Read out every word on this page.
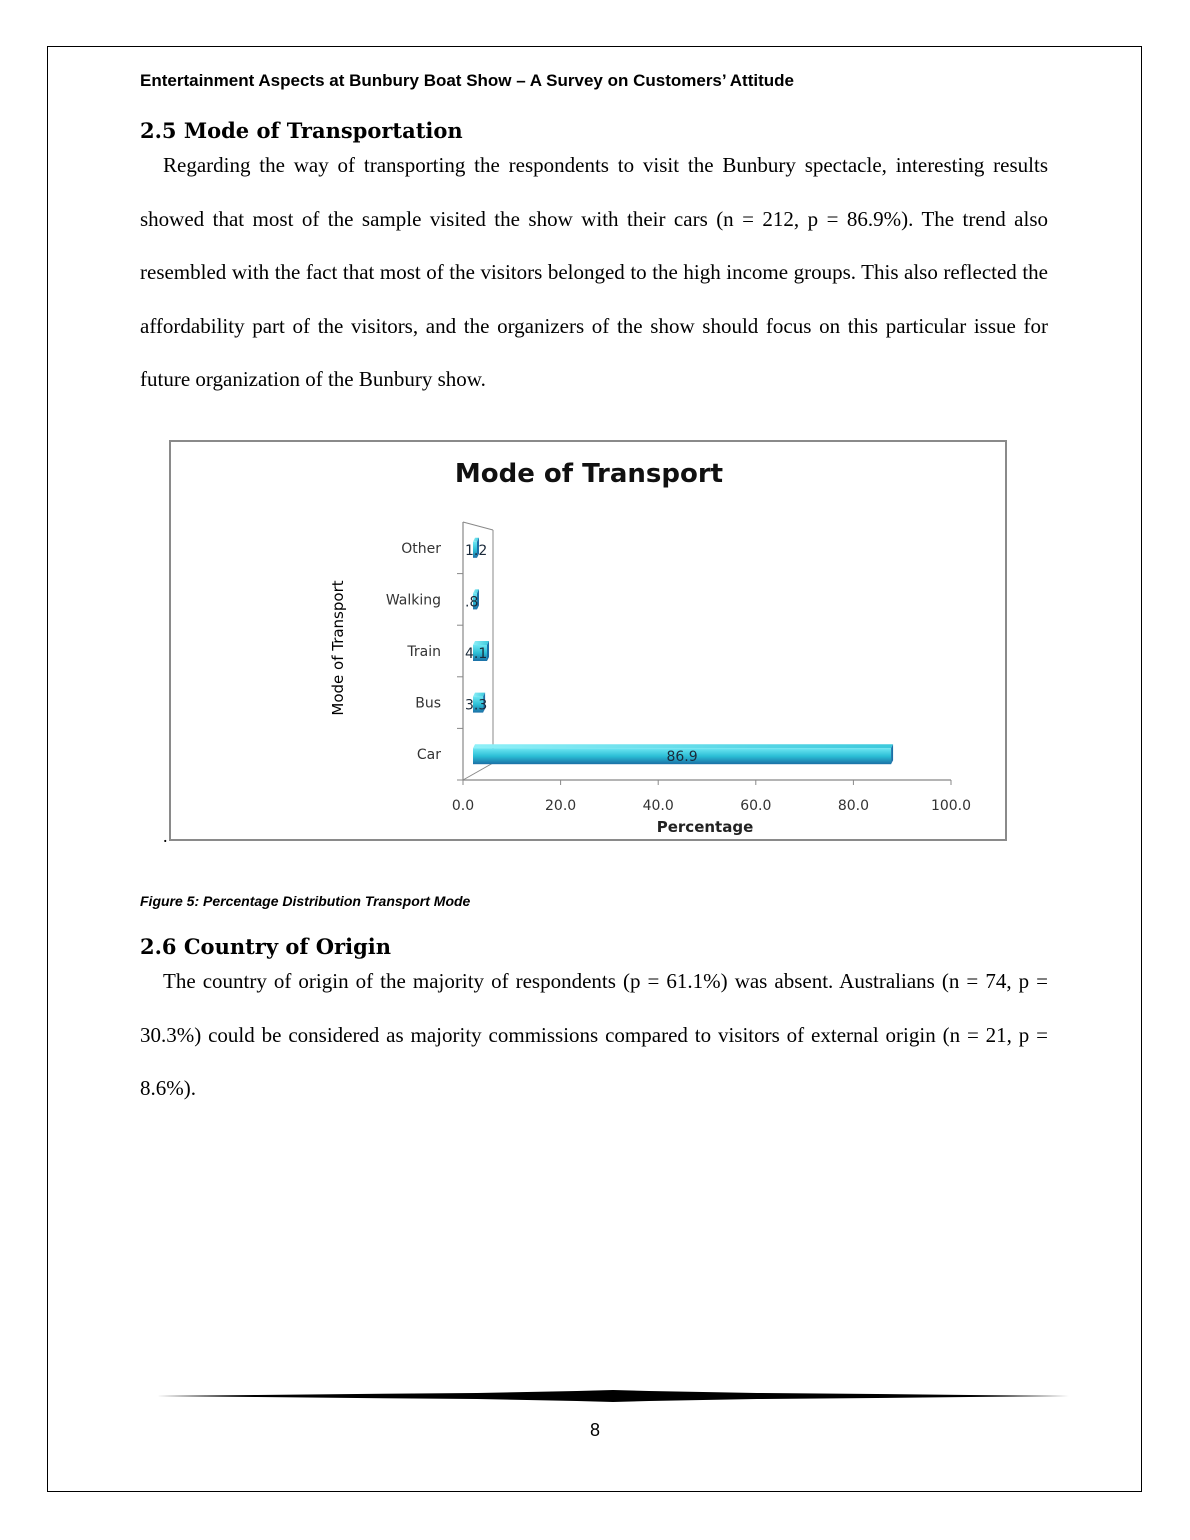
Entertainment Aspects at Bunbury Boat Show – A Survey on Customers’ Attitude
2.5 Mode of Transportation

Regarding the way of transporting the respondents to visit the Bunbury spectacle, interesting results showed that most of the sample visited the show with their cars (n = 212, p = 86.9%). The trend also resembled with the fact that most of the visitors belonged to the high income groups. This also reflected the affordability part of the visitors, and the organizers of the show should focus on this particular issue for future organization of the Bunbury show.

Mode of Transport
Mode of Transport
Percentage
0.0	20.0	40.0	60.0	80.0	100.0
Car
Bus
Train
Walking
Other
86.9
3.3
4.1
.8
1.2
.
Figure 5: Percentage Distribution Transport Mode
2.6 Country of Origin

The country of origin of the majority of respondents (p = 61.1%) was absent. Australians (n = 74, p = 30.3%) could be considered as majority commissions compared to visitors of external origin (n = 21, p = 8.6%).

8
